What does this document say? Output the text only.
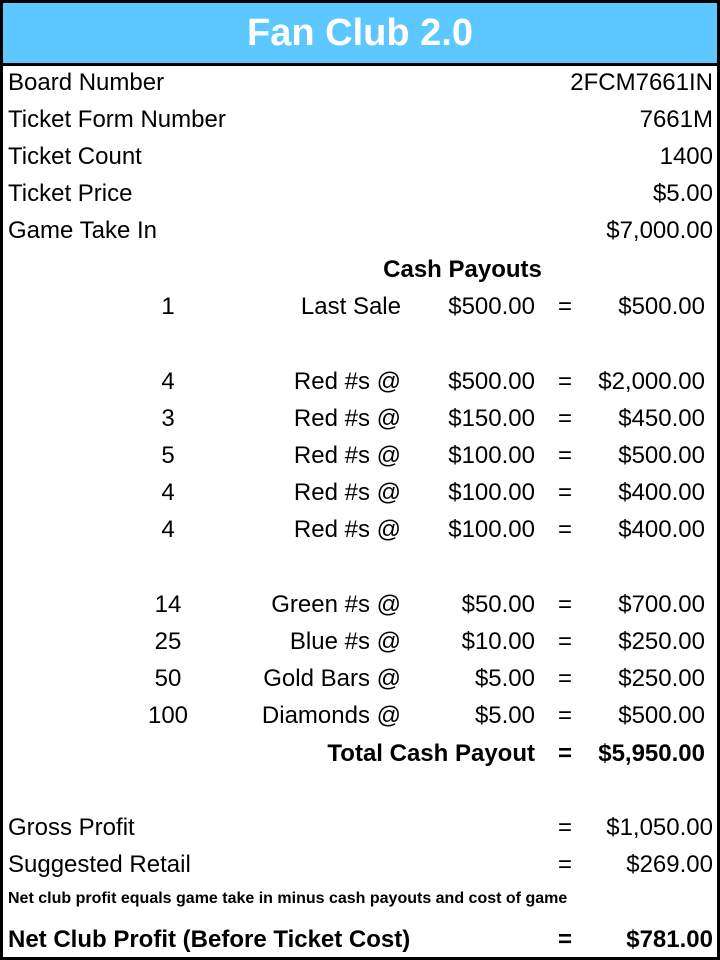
Fan Club 2.0
Board Number	2FCM7661IN
Ticket Form Number	7661M
Ticket Count	1400
Ticket Price	$5.00
Game Take In	$7,000.00
Cash Payouts
1	Last Sale $500.00 = $500.00
4	Red #s @ $500.00 = $2,000.00
3	Red #s @ $150.00 = $450.00
5	Red #s @ $100.00 = $500.00
4	Red #s @ $100.00 = $400.00
4	Red #s @ $100.00 = $400.00
14	Green #s @	$50.00 = $700.00
25	Blue #s @	$10.00 = $250.00
50	Gold Bars @	$5.00 = $250.00
100	Diamonds @	$5.00 = $500.00
Total Cash Payout = $5,950.00
Gross Profit	= $1,050.00
Suggested Retail	= $269.00
Net club profit equals game take in minus cash payouts and cost of game
Net Club Profit (Before Ticket Cost)	= $781.00
